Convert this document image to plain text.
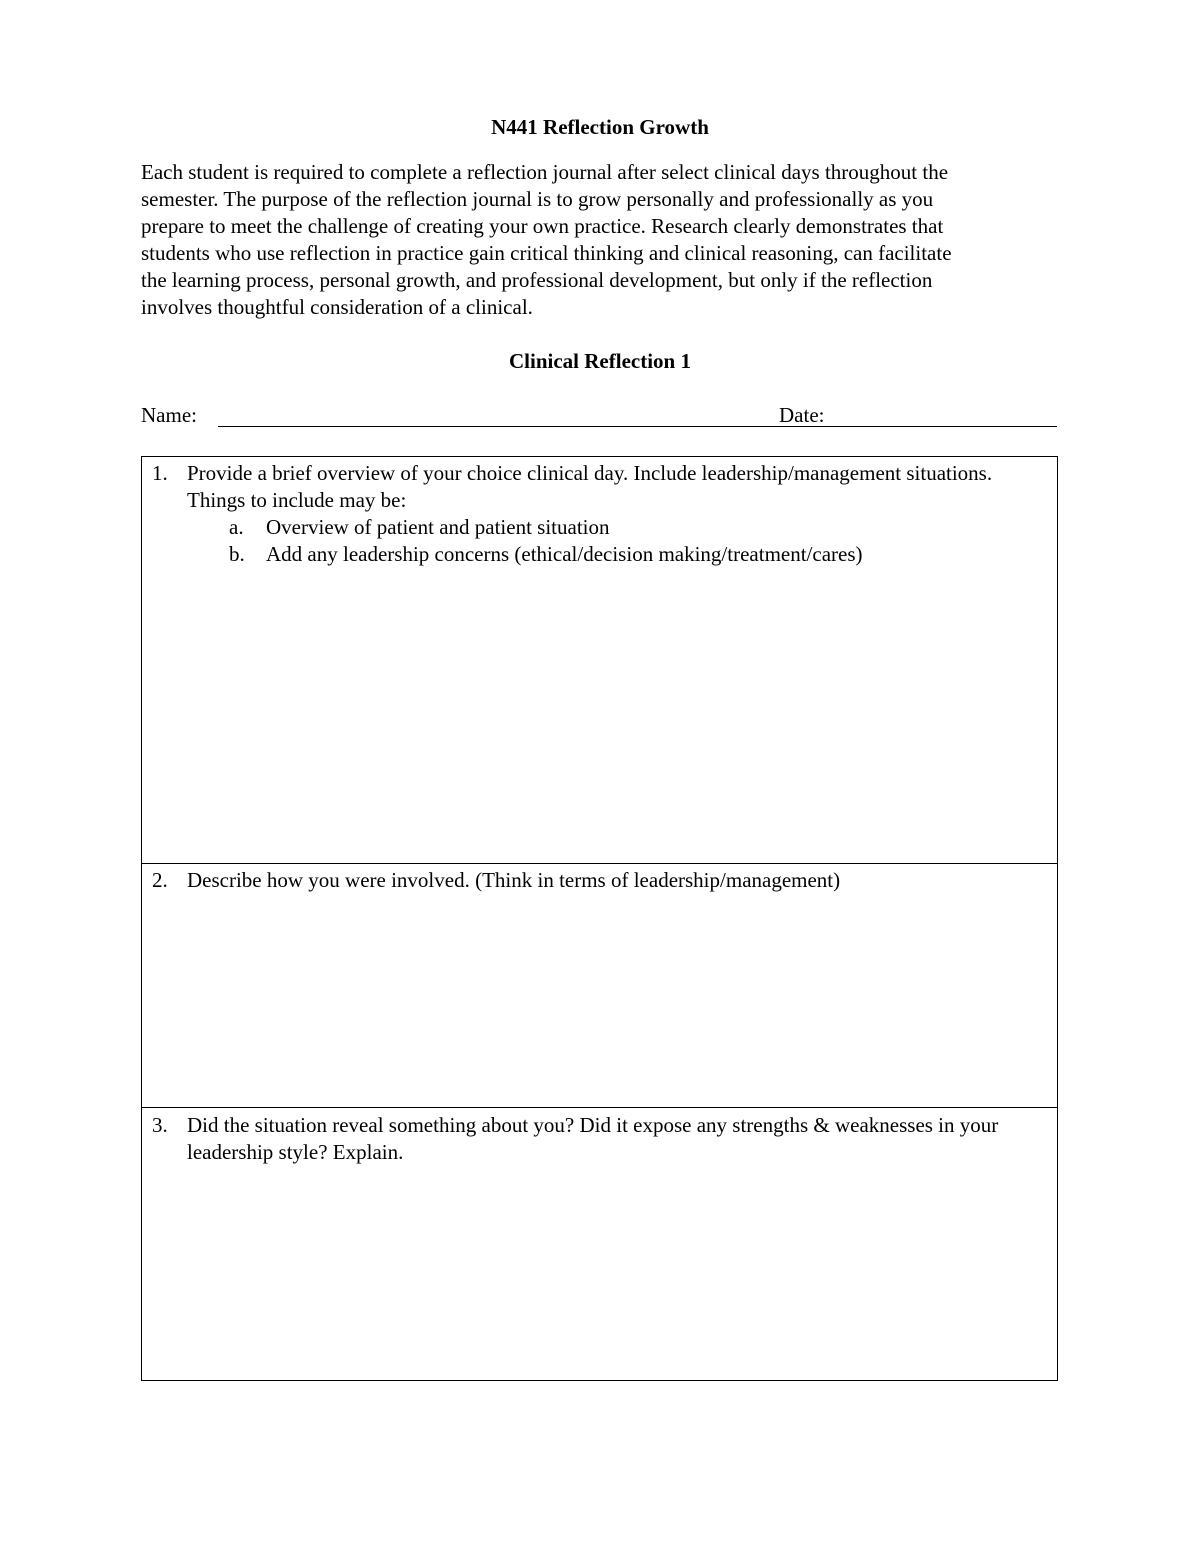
N441 Reflection Growth

Each student is required to complete a reflection journal after select clinical days throughout the
semester. The purpose of the reflection journal is to grow personally and professionally as you
prepare to meet the challenge of creating your own practice. Research clearly demonstrates that
students who use reflection in practice gain critical thinking and clinical reasoning, can facilitate
the learning process, personal growth, and professional development, but only if the reflection
involves thoughtful consideration of a clinical.

Clinical Reflection 1
Name:	Date:
1. Provide a brief overview of your choice clinical day. Include leadership/management situations. Things to include may be:
a. Overview of patient and patient situation
b. Add any leadership concerns (ethical/decision making/treatment/cares)
2. Describe how you were involved. (Think in terms of leadership/management)
3. Did the situation reveal something about you? Did it expose any strengths & weaknesses in your leadership style? Explain.
